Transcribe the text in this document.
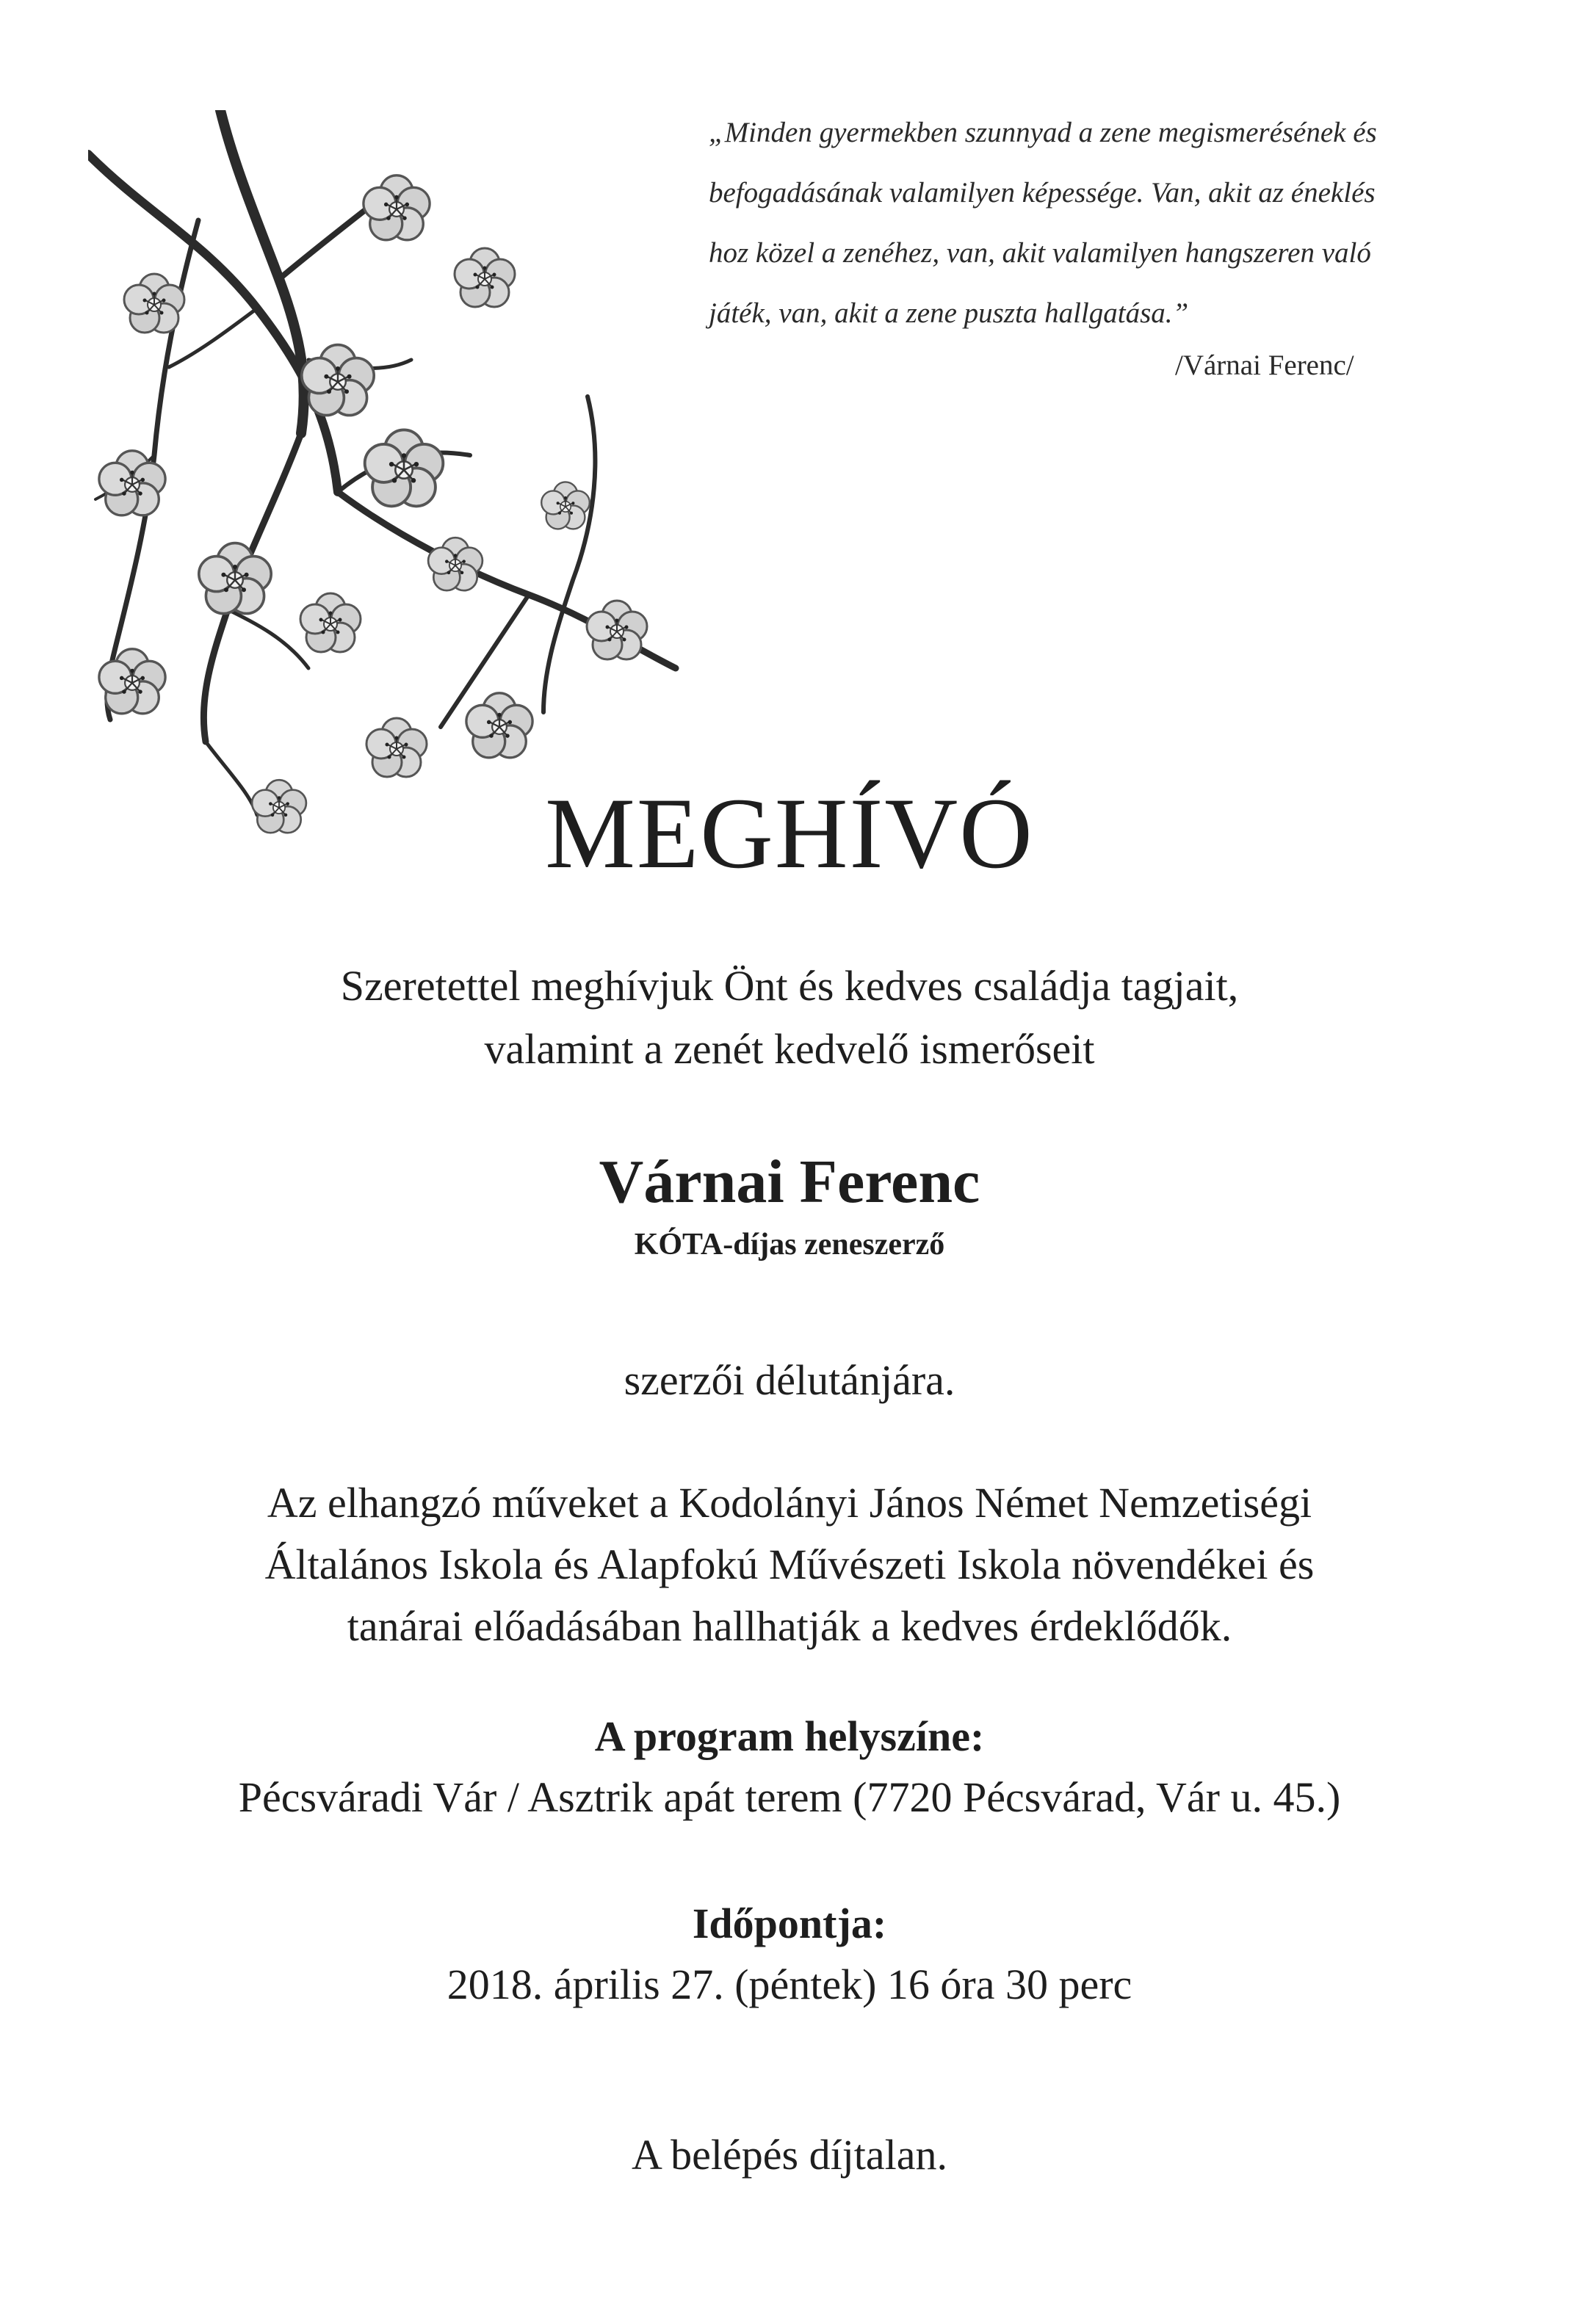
„Minden gyermekben szunnyad a zene megismerésének és

befogadásának valamilyen képessége. Van, akit az éneklés

hoz közel a zenéhez, van, akit valamilyen hangszeren való

játék, van, akit a zene puszta hallgatása.”

/Várnai Ferenc/
MEGHÍVÓ
Szeretettel meghívjuk Önt és kedves családja tagjait,
valamint a zenét kedvelő ismerőseit
Várnai Ferenc
KÓTA-díjas zeneszerző
szerzői délutánjára.
Az elhangzó műveket a Kodolányi János Német Nemzetiségi
Általános Iskola és Alapfokú Művészeti Iskola növendékei és
tanárai előadásában hallhatják a kedves érdeklődők.
A program helyszíne:
Pécsváradi Vár / Asztrik apát terem (7720 Pécsvárad, Vár u. 45.)
Időpontja:
2018. április 27. (péntek) 16 óra 30 perc
A belépés díjtalan.
